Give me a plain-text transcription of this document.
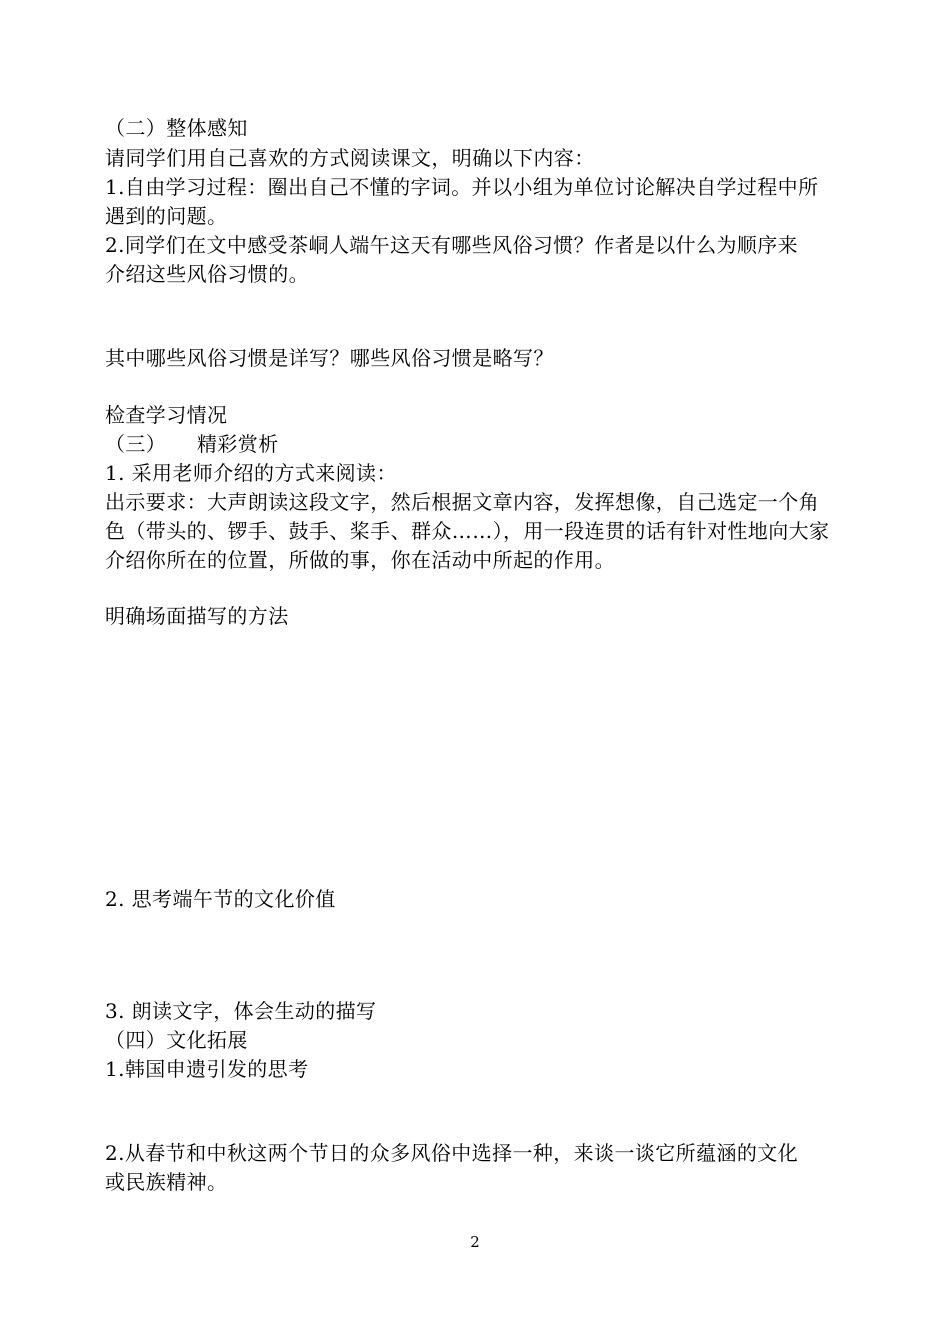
（二）整体感知
请同学们用自己喜欢的方式阅读课文，明确以下内容：
1.自由学习过程：圈出自己不懂的字词。并以小组为单位讨论解决自学过程中所
遇到的问题。
2.同学们在文中感受茶峒人端午这天有哪些风俗习惯？作者是以什么为顺序来
介绍这些风俗习惯的。
其中哪些风俗习惯是详写？哪些风俗习惯是略写？
检查学习情况
（三）　　精彩赏析
1. 采用老师介绍的方式来阅读：
出示要求：大声朗读这段文字，然后根据文章内容，发挥想像，自己选定一个角
色（带头的、锣手、鼓手、桨手、群众……），用一段连贯的话有针对性地向大家
介绍你所在的位置，所做的事，你在活动中所起的作用。
明确场面描写的方法
2. 思考端午节的文化价值
3. 朗读文字，体会生动的描写
（四）文化拓展
1.韩国申遗引发的思考
2.从春节和中秋这两个节日的众多风俗中选择一种，来谈一谈它所蕴涵的文化
或民族精神。
2
